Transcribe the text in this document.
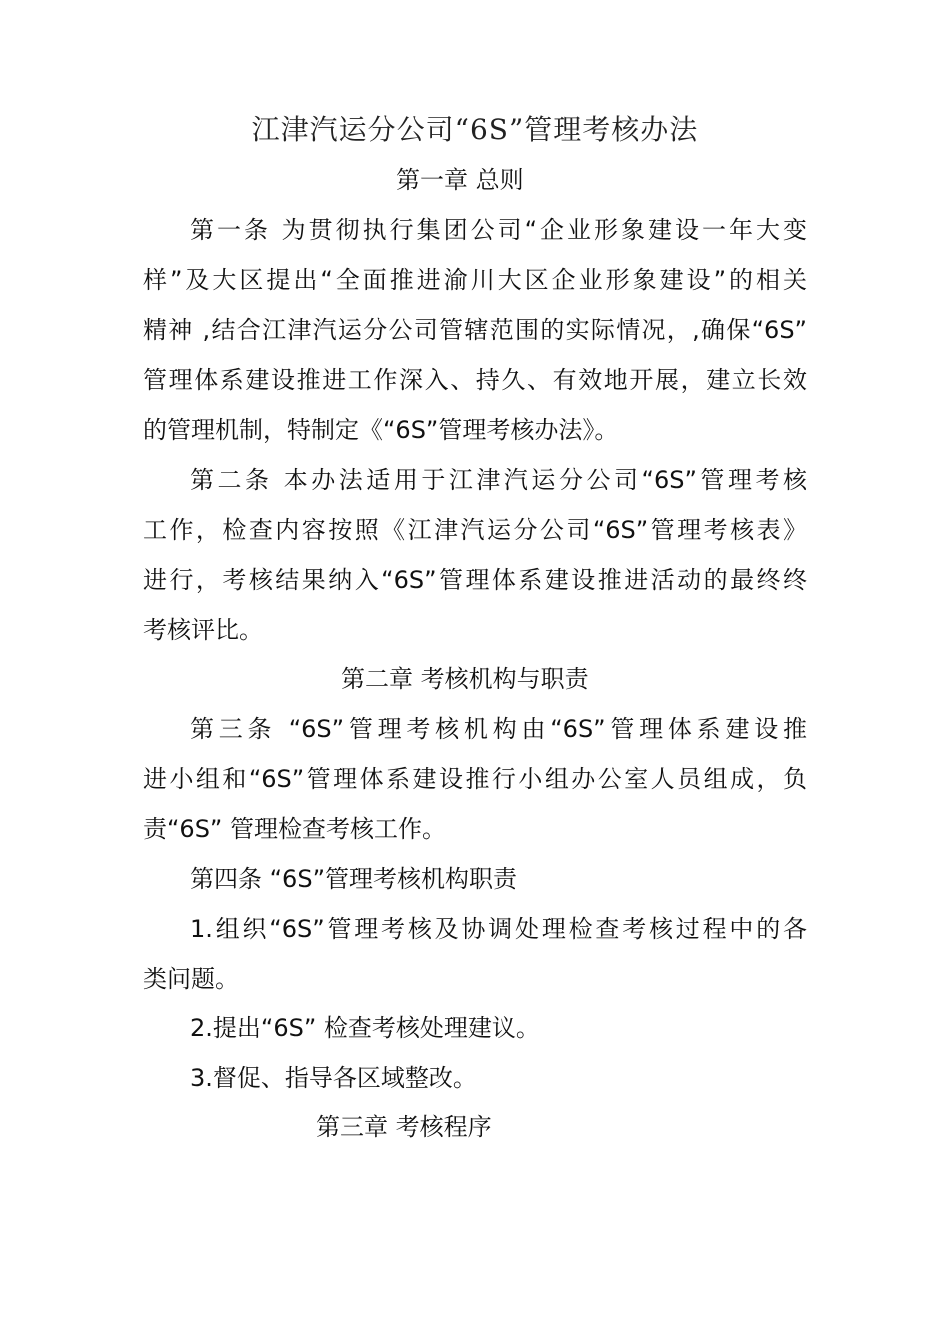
江津汽运分公司“6S”管理考核办法
第一章 总则
第一条 为贯彻执行集团公司“企业形象建设一年大变
样”及大区提出“全面推进渝川大区企业形象建设”的相关
精神 ,结合江津汽运分公司管辖范围的实际情况，,确保“6S”
管理体系建设推进工作深入、持久、有效地开展，建立长效
的管理机制，特制定《“6S”管理考核办法》。
第二条 本办法适用于江津汽运分公司“6S”管理考核
工作，检查内容按照《江津汽运分公司“6S”管理考核表》
进行，考核结果纳入“6S”管理体系建设推进活动的最终终
考核评比。
第二章 考核机构与职责
第三条 “6S”管理考核机构由“6S”管理体系建设推
进小组和“6S”管理体系建设推行小组办公室人员组成，负
责“6S” 管理检查考核工作。
第四条 “6S”管理考核机构职责
1.组织“6S”管理考核及协调处理检查考核过程中的各
类问题。
2.提出“6S” 检查考核处理建议。
3.督促、指导各区域整改。
第三章 考核程序
